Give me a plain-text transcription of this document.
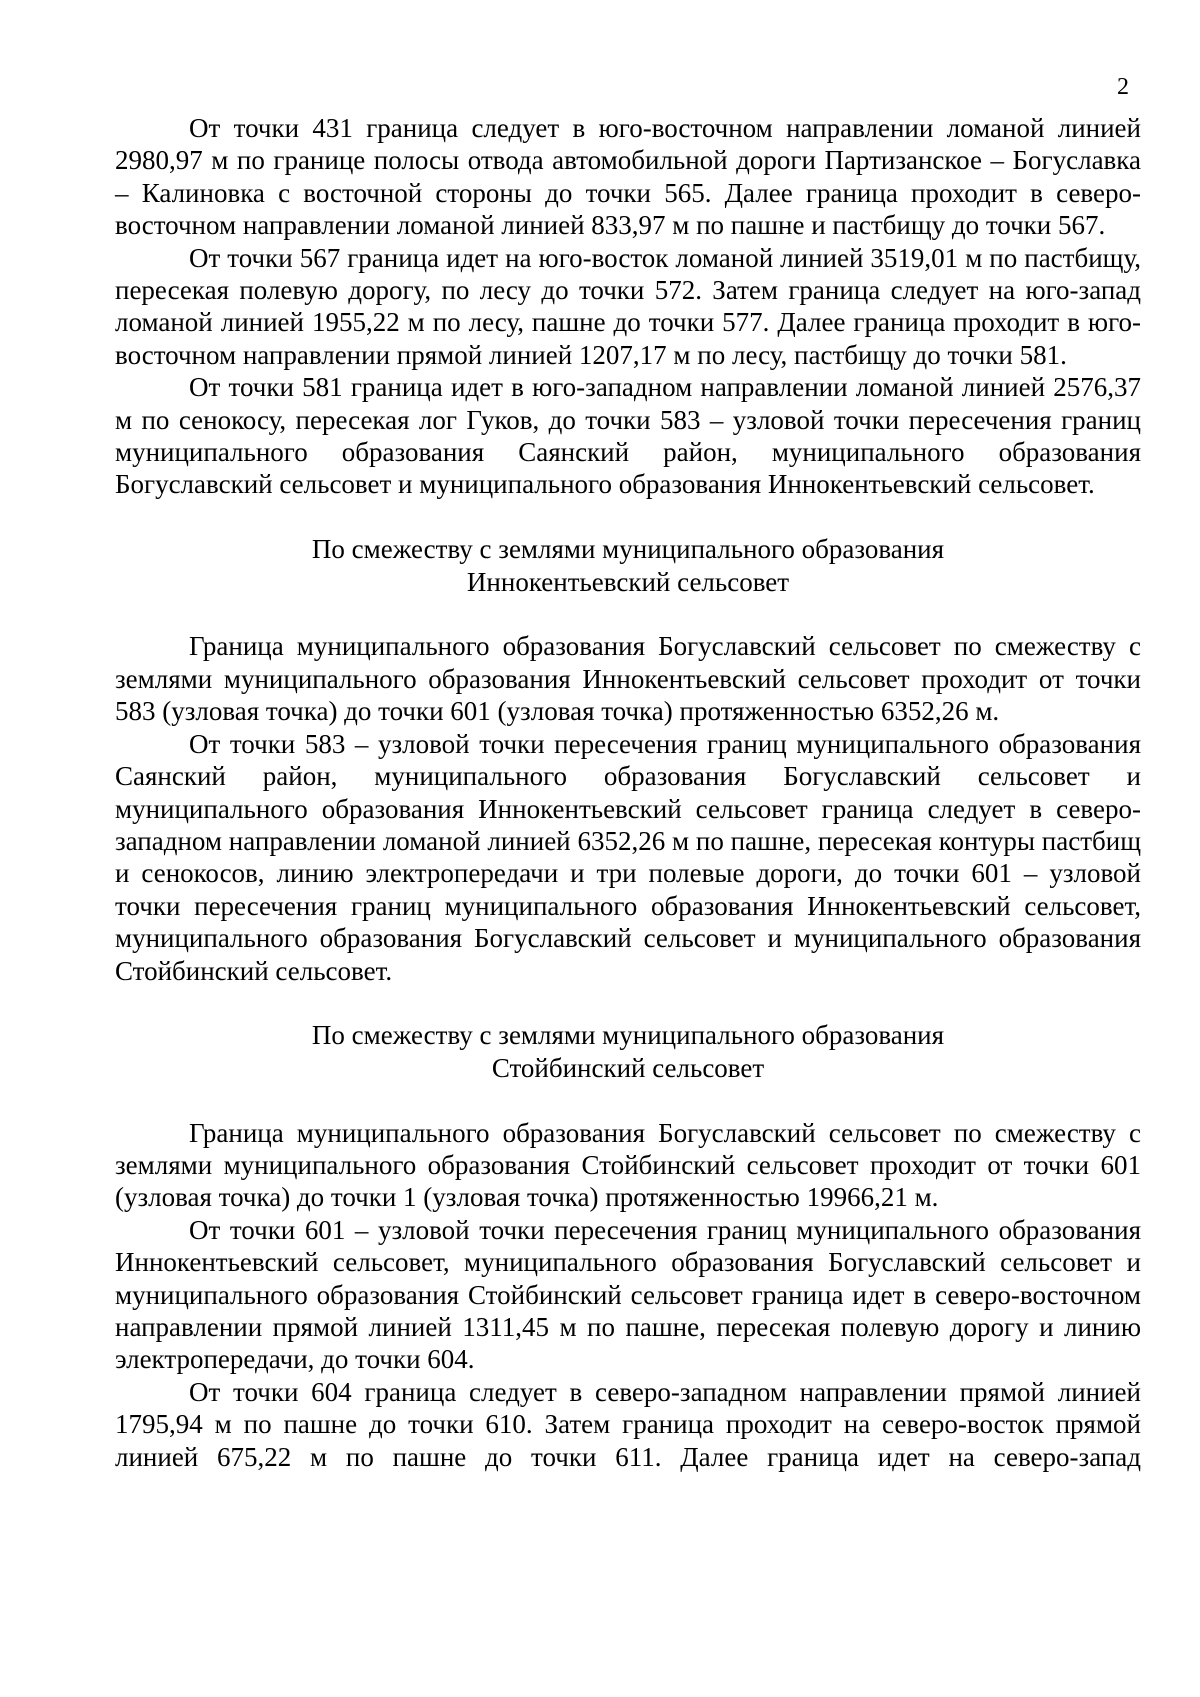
2

От точки 431 граница следует в юго-восточном направлении ломаной линией 2980,97 м по границе полосы отвода автомобильной дороги Партизанское – Богуславка – Калиновка с восточной стороны до точки 565. Далее граница проходит в северо-восточном направлении ломаной линией 833,97 м по пашне и пастбищу до точки 567.

От точки 567 граница идет на юго-восток ломаной линией 3519,01 м по пастбищу, пересекая полевую дорогу, по лесу до точки 572. Затем граница следует на юго-запад ломаной линией 1955,22 м по лесу, пашне до точки 577. Далее граница проходит в юго-восточном направлении прямой линией 1207,17 м по лесу, пастбищу до точки 581.

От точки 581 граница идет в юго-западном направлении ломаной линией 2576,37 м по сенокосу, пересекая лог Гуков, до точки 583 – узловой точки пересечения границ муниципального образования Саянский район, муниципального образования Богуславский сельсовет и муниципального образования Иннокентьевский сельсовет.

По смежеству с землями муниципального образования
Иннокентьевский сельсовет

Граница муниципального образования Богуславский сельсовет по смежеству с землями муниципального образования Иннокентьевский сельсовет проходит от точки 583 (узловая точка) до точки 601 (узловая точка) протяженностью 6352,26 м.

От точки 583 – узловой точки пересечения границ муниципального образования Саянский район, муниципального образования Богуславский сельсовет и муниципального образования Иннокентьевский сельсовет граница следует в северо-западном направлении ломаной линией 6352,26 м по пашне, пересекая контуры пастбищ и сенокосов, линию электропередачи и три полевые дороги, до точки 601 – узловой точки пересечения границ муниципального образования Иннокентьевский сельсовет, муниципального образования Богуславский сельсовет и муниципального образования Стойбинский сельсовет.

По смежеству с землями муниципального образования
Стойбинский сельсовет

Граница муниципального образования Богуславский сельсовет по смежеству с землями муниципального образования Стойбинский сельсовет проходит от точки 601 (узловая точка) до точки 1 (узловая точка) протяженностью 19966,21 м.

От точки 601 – узловой точки пересечения границ муниципального образования Иннокентьевский сельсовет, муниципального образования Богуславский сельсовет и муниципального образования Стойбинский сельсовет граница идет в северо-восточном направлении прямой линией 1311,45 м по пашне, пересекая полевую дорогу и линию электропередачи, до точки 604.

От точки 604 граница следует в северо-западном направлении прямой линией 1795,94 м по пашне до точки 610. Затем граница проходит на северо-восток прямой линией 675,22 м по пашне до точки 611. Далее граница идет на северо-запад
